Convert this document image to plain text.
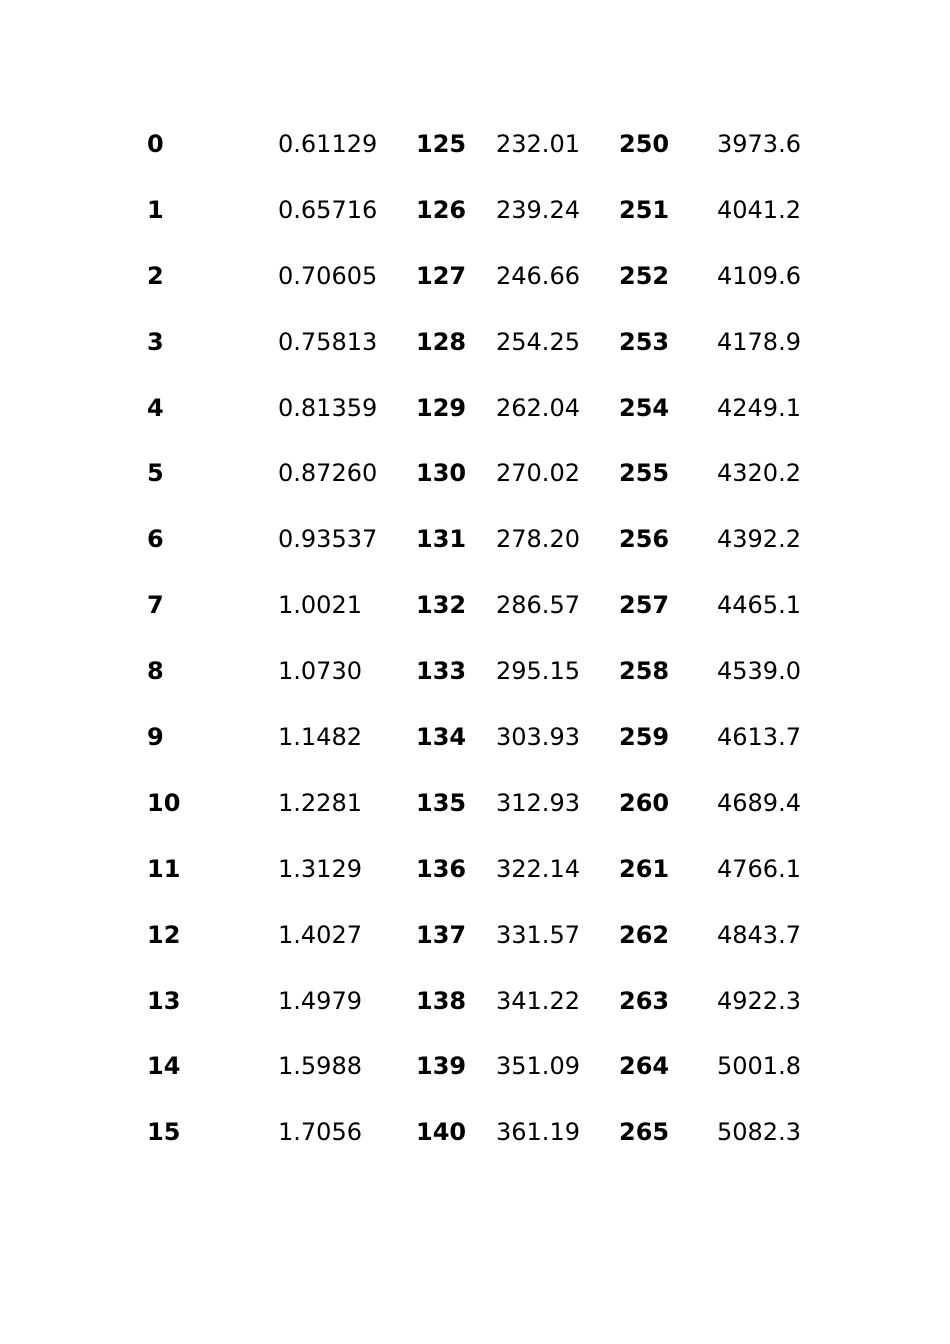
0	0.61129 125 232.01 250 3973.6
1	0.65716 126 239.24 251 4041.2
2	0.70605 127 246.66 252 4109.6
3	0.75813 128 254.25 253 4178.9
4	0.81359 129 262.04 254 4249.1
5	0.87260 130 270.02 255 4320.2
6	0.93537 131 278.20 256 4392.2
7	1.0021 132 286.57 257 4465.1
8	1.0730 133 295.15 258 4539.0
9	1.1482 134 303.93 259 4613.7
10	1.2281 135 312.93 260 4689.4
11	1.3129 136 322.14 261 4766.1
12	1.4027 137 331.57 262 4843.7
13	1.4979 138 341.22 263 4922.3
14	1.5988 139 351.09 264 5001.8
15	1.7056 140 361.19 265 5082.3
